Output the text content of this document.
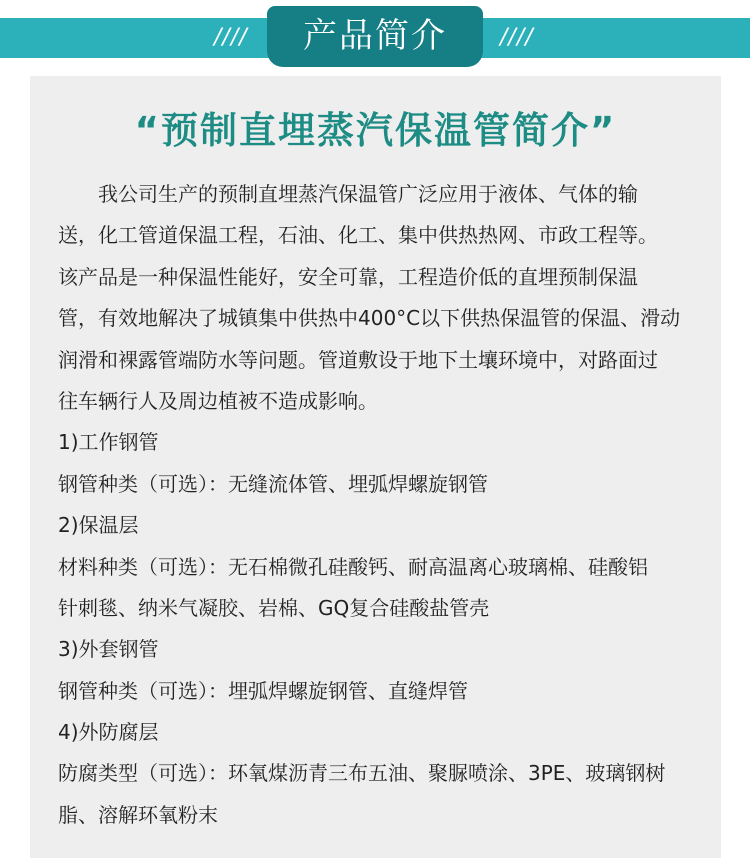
////	////
产品简介
“预制直埋蒸汽保温管简介”
　　我公司生产的预制直埋蒸汽保温管广泛应用于液体、气体的输
送，化工管道保温工程，石油、化工、集中供热热网、市政工程等。
该产品是一种保温性能好，安全可靠，工程造价低的直埋预制保温
管，有效地解决了城镇集中供热中400°C以下供热保温管的保温、滑动
润滑和裸露管端防水等问题。管道敷设于地下土壤环境中，对路面过
往车辆行人及周边植被不造成影响。
1)工作钢管
钢管种类（可选）：无缝流体管、埋弧焊螺旋钢管
2)保温层
材料种类（可选）：无石棉微孔硅酸钙、耐高温离心玻璃棉、硅酸铝
针刺毯、纳米气凝胶、岩棉、GQ复合硅酸盐管壳
3)外套钢管
钢管种类（可选）：埋弧焊螺旋钢管、直缝焊管
4)外防腐层
防腐类型（可选）：环氧煤沥青三布五油、聚脲喷涂、3PE、玻璃钢树
脂、溶解环氧粉末
